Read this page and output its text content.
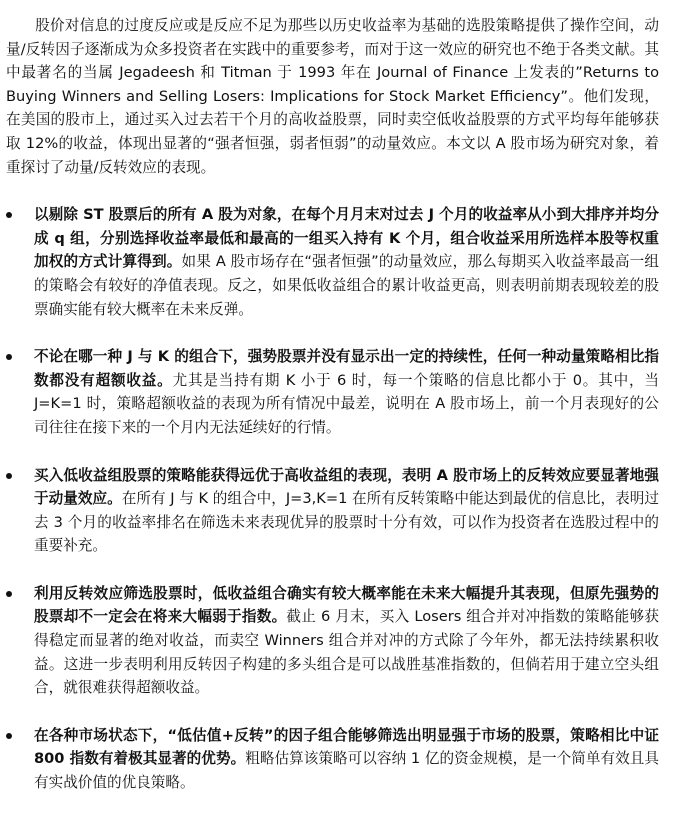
股价对信息的过度反应或是反应不足为那些以历史收益率为基础的选股策略提供了操作空间，动量/反转因子逐渐成为众多投资者在实践中的重要参考，而对于这一效应的研究也不绝于各类文献。其中最著名的当属 Jegadeesh 和 Titman 于 1993 年在 Journal of Finance 上发表的”Returns to Buying Winners and Selling Losers: Implications for Stock Market Efficiency”。他们发现，在美国的股市上，通过买入过去若干个月的高收益股票，同时卖空低收益股票的方式平均每年能够获取 12%的收益，体现出显著的“强者恒强，弱者恒弱”的动量效应。本文以 A 股市场为研究对象，着重探讨了动量/反转效应的表现。

以剔除 ST 股票后的所有 A 股为对象，在每个月月末对过去 J 个月的收益率从小到大排序并均分成 q 组，分别选择收益率最低和最高的一组买入持有 K 个月，组合收益采用所选样本股等权重加权的方式计算得到。如果 A 股市场存在“强者恒强”的动量效应，那么每期买入收益率最高一组的策略会有较好的净值表现。反之，如果低收益组合的累计收益更高，则表明前期表现较差的股票确实能有较大概率在未来反弹。
不论在哪一种 J 与 K 的组合下，强势股票并没有显示出一定的持续性，任何一种动量策略相比指数都没有超额收益。尤其是当持有期 K 小于 6 时，每一个策略的信息比都小于 0。其中，当 J=K=1 时，策略超额收益的表现为所有情况中最差，说明在 A 股市场上，前一个月表现好的公司往往在接下来的一个月内无法延续好的行情。
买入低收益组股票的策略能获得远优于高收益组的表现，表明 A 股市场上的反转效应要显著地强于动量效应。在所有 J 与 K 的组合中，J=3,K=1 在所有反转策略中能达到最优的信息比，表明过去 3 个月的收益率排名在筛选未来表现优异的股票时十分有效，可以作为投资者在选股过程中的重要补充。
利用反转效应筛选股票时，低收益组合确实有较大概率能在未来大幅提升其表现，但原先强势的股票却不一定会在将来大幅弱于指数。截止 6 月末，买入 Losers 组合并对冲指数的策略能够获得稳定而显著的绝对收益，而卖空 Winners 组合并对冲的方式除了今年外，都无法持续累积收益。这进一步表明利用反转因子构建的多头组合是可以战胜基准指数的，但倘若用于建立空头组合，就很难获得超额收益。
在各种市场状态下，“低估值+反转”的因子组合能够筛选出明显强于市场的股票，策略相比中证 800 指数有着极其显著的优势。粗略估算该策略可以容纳 1 亿的资金规模，是一个简单有效且具有实战价值的优良策略。
